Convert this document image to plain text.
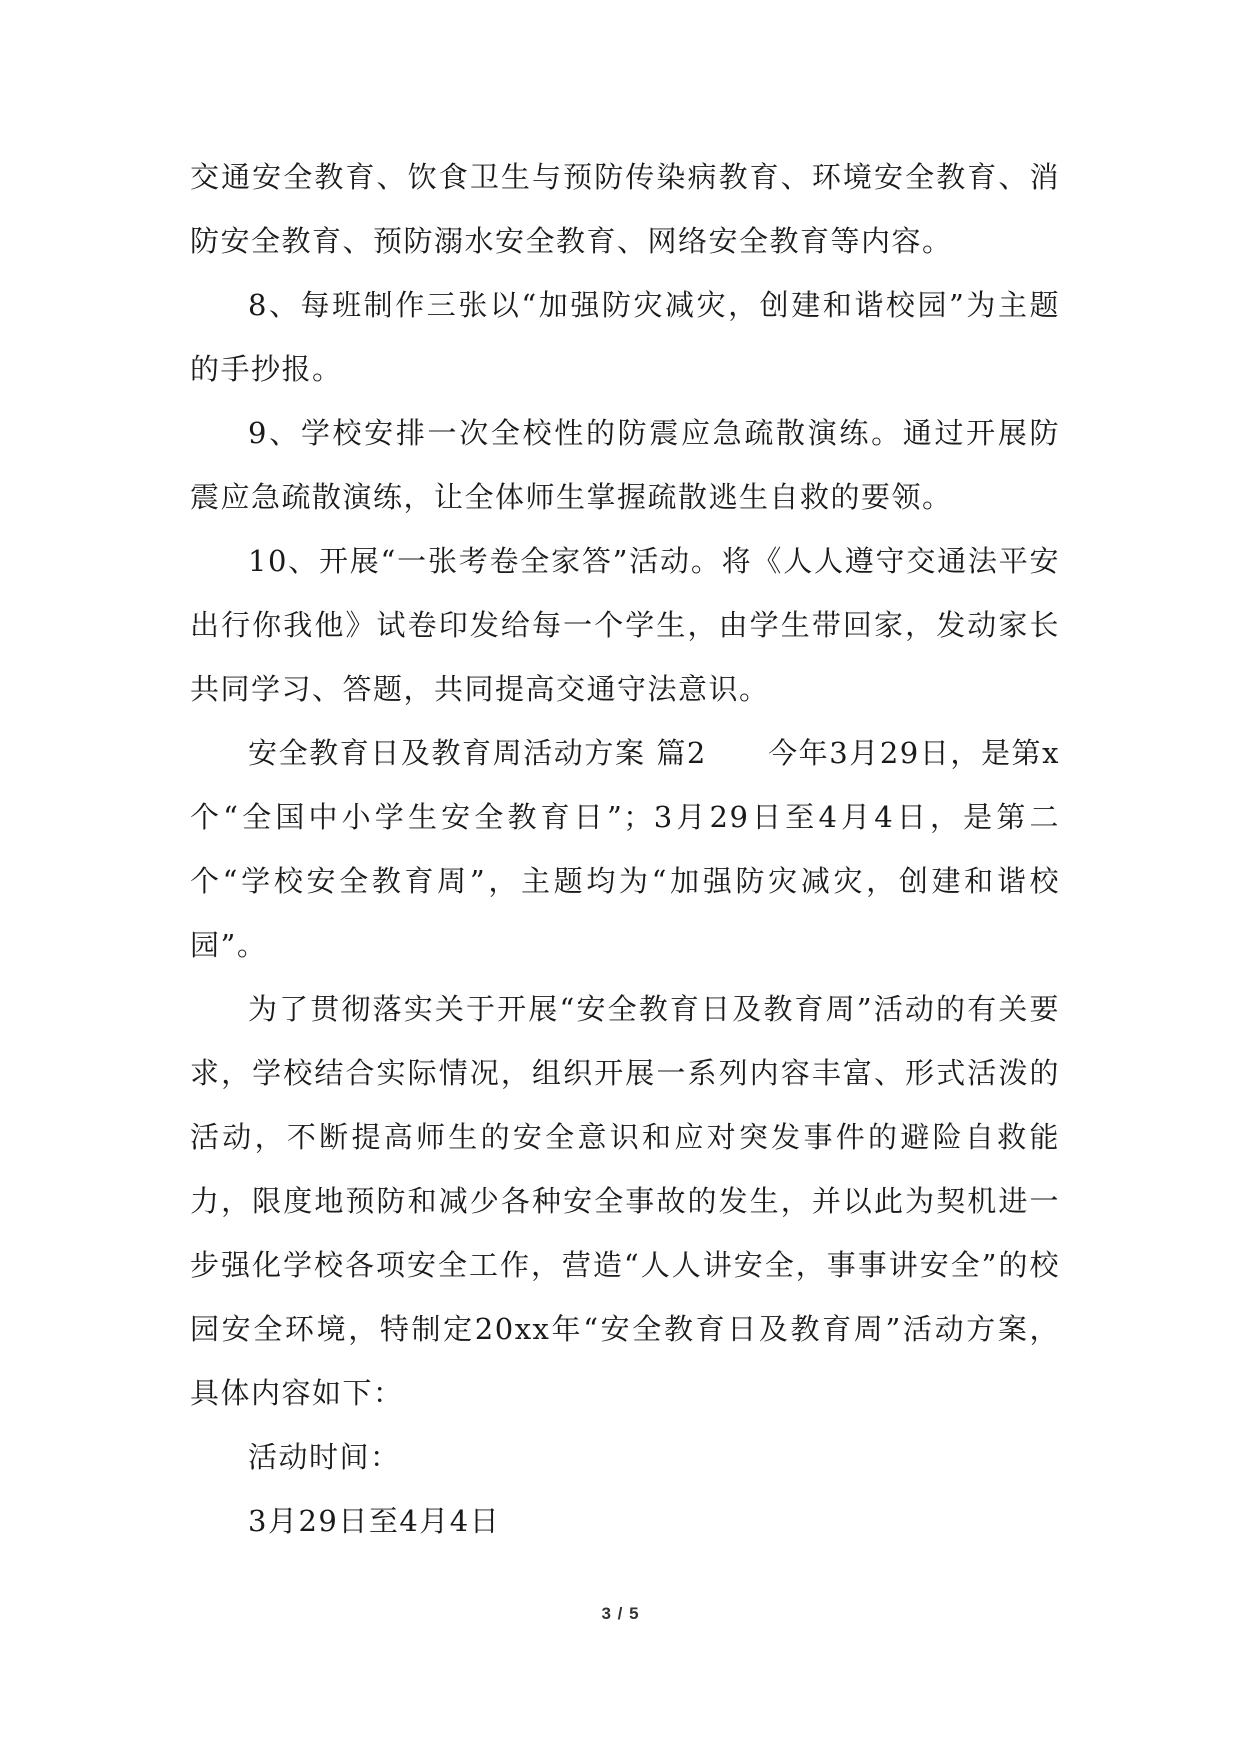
交通安全教育、饮食卫生与预防传染病教育、环境安全教育、消防安全教育、预防溺水安全教育、网络安全教育等内容。

8、每班制作三张以“加强防灾减灾，创建和谐校园”为主题的手抄报。

9、学校安排一次全校性的防震应急疏散演练。通过开展防震应急疏散演练，让全体师生掌握疏散逃生自救的要领。

10、开展“一张考卷全家答”活动。将《人人遵守交通法平安出行你我他》试卷印发给每一个学生，由学生带回家，发动家长共同学习、答题，共同提高交通守法意识。

安全教育日及教育周活动方案 篇2　　今年3月29日，是第x个“全国中小学生安全教育日”；3月29日至4月4日，是第二个“学校安全教育周”，主题均为“加强防灾减灾，创建和谐校园”。

为了贯彻落实关于开展“安全教育日及教育周”活动的有关要求，学校结合实际情况，组织开展一系列内容丰富、形式活泼的活动，不断提高师生的安全意识和应对突发事件的避险自救能力，限度地预防和减少各种安全事故的发生，并以此为契机进一步强化学校各项安全工作，营造“人人讲安全，事事讲安全”的校园安全环境，特制定20xx年“安全教育日及教育周”活动方案，具体内容如下：

活动时间：

3月29日至4月4日

3 / 5
